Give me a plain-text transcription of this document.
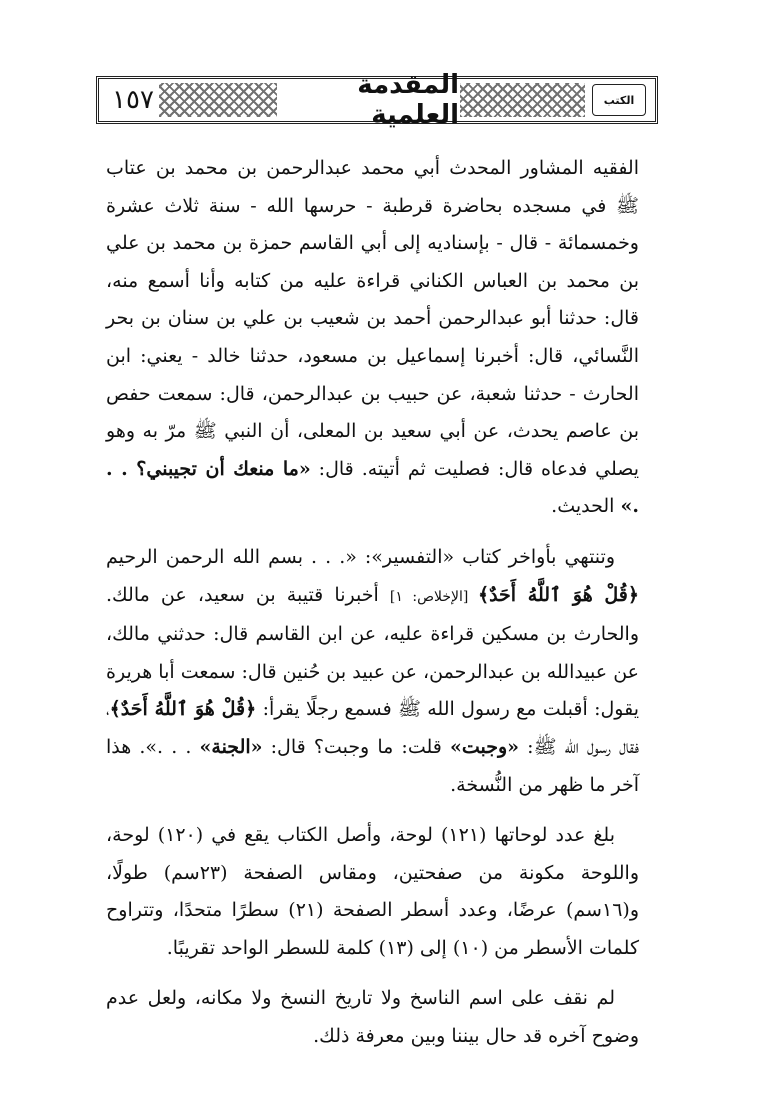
١٥٧	المقدمة العلمية	الكتب

الفقيه المشاور المحدث أبي محمد عبدالرحمن بن محمد بن عتاب ﷺ في مسجده بحاضرة قرطبة - حرسها الله - سنة ثلاث عشرة وخمسمائة - قال - بإسناديه إلى أبي القاسم حمزة بن محمد بن علي بن محمد بن العباس الكناني قراءة عليه من كتابه وأنا أسمع منه، قال: حدثنا أبو عبدالرحمن أحمد بن شعيب بن علي بن سنان بن بحر النَّسائي، قال: أخبرنا إسماعيل بن مسعود، حدثنا خالد - يعني: ابن الحارث - حدثنا شعبة، عن حبيب بن عبدالرحمن، قال: سمعت حفص بن عاصم يحدث، عن أبي سعيد بن المعلى، أن النبي ﷺ مرّ به وهو يصلي فدعاه قال: فصليت ثم أتيته. قال: «ما منعك أن تجيبني؟ . . .» الحديث.

وتنتهي بأواخر كتاب «التفسير»: «. . . بسم الله الرحمن الرحيم ﴿قُلْ هُوَ ٱللَّهُ أَحَدٌ﴾ [الإخلاص: ١] أخبرنا قتيبة بن سعيد، عن مالك. والحارث بن مسكين قراءة عليه، عن ابن القاسم قال: حدثني مالك، عن عبيدالله بن عبدالرحمن، عن عبيد بن حُنين قال: سمعت أبا هريرة يقول: أقبلت مع رسول الله ﷺ فسمع رجلًا يقرأ: ﴿قُلْ هُوَ ٱللَّهُ أَحَدٌ﴾، فقال رسول الله ﷺ: «وجبت» قلت: ما وجبت؟ قال: «الجنة» . . .». هذا آخر ما ظهر من النُّسخة.

بلغ عدد لوحاتها (١٢١) لوحة، وأصل الكتاب يقع في (١٢٠) لوحة، واللوحة مكونة من صفحتين، ومقاس الصفحة (٢٣سم) طولًا، و(١٦سم) عرضًا، وعدد أسطر الصفحة (٢١) سطرًا متحدًا، وتتراوح كلمات الأسطر من (١٠) إلى (١٣) كلمة للسطر الواحد تقريبًا.

لم نقف على اسم الناسخ ولا تاريخ النسخ ولا مكانه، ولعل عدم وضوح آخره قد حال بيننا وبين معرفة ذلك.
